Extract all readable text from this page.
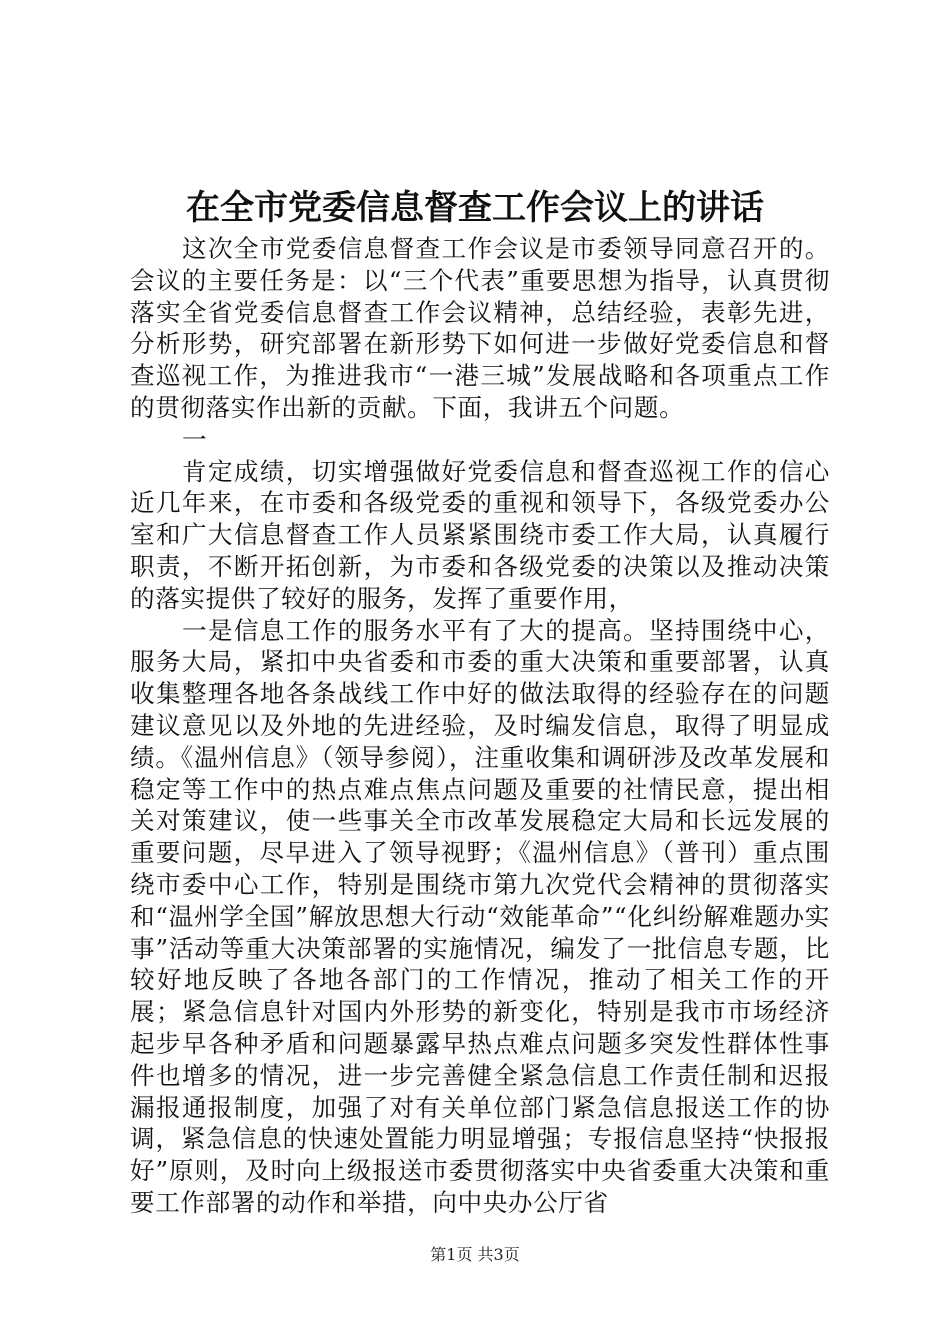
在全市党委信息督查工作会议上的讲话

这次全市党委信息督查工作会议是市委领导同意召开的。会议的主要任务是：以“三个代表”重要思想为指导，认真贯彻落实全省党委信息督查工作会议精神，总结经验，表彰先进，分析形势，研究部署在新形势下如何进一步做好党委信息和督查巡视工作，为推进我市“一港三城”发展战略和各项重点工作的贯彻落实作出新的贡献。下面，我讲五个问题。

一

肯定成绩，切实增强做好党委信息和督查巡视工作的信心近几年来，在市委和各级党委的重视和领导下，各级党委办公室和广大信息督查工作人员紧紧围绕市委工作大局，认真履行职责，不断开拓创新，为市委和各级党委的决策以及推动决策的落实提供了较好的服务，发挥了重要作用，

一是信息工作的服务水平有了大的提高。坚持围绕中心，服务大局，紧扣中央省委和市委的重大决策和重要部署，认真收集整理各地各条战线工作中好的做法取得的经验存在的问题建议意见以及外地的先进经验，及时编发信息，取得了明显成绩。《温州信息》（领导参阅），注重收集和调研涉及改革发展和稳定等工作中的热点难点焦点问题及重要的社情民意，提出相关对策建议，使一些事关全市改革发展稳定大局和长远发展的重要问题，尽早进入了领导视野；《温州信息》（普刊）重点围绕市委中心工作，特别是围绕市第九次党代会精神的贯彻落实和“温州学全国”解放思想大行动“效能革命”“化纠纷解难题办实事”活动等重大决策部署的实施情况，编发了一批信息专题，比较好地反映了各地各部门的工作情况，推动了相关工作的开展；紧急信息针对国内外形势的新变化，特别是我市市场经济起步早各种矛盾和问题暴露早热点难点问题多突发性群体性事件也增多的情况，进一步完善健全紧急信息工作责任制和迟报漏报通报制度，加强了对有关单位部门紧急信息报送工作的协调，紧急信息的快速处置能力明显增强；专报信息坚持“快报报好”原则，及时向上级报送市委贯彻落实中央省委重大决策和重要工作部署的动作和举措，向中央办公厅省

第1页 共3页
